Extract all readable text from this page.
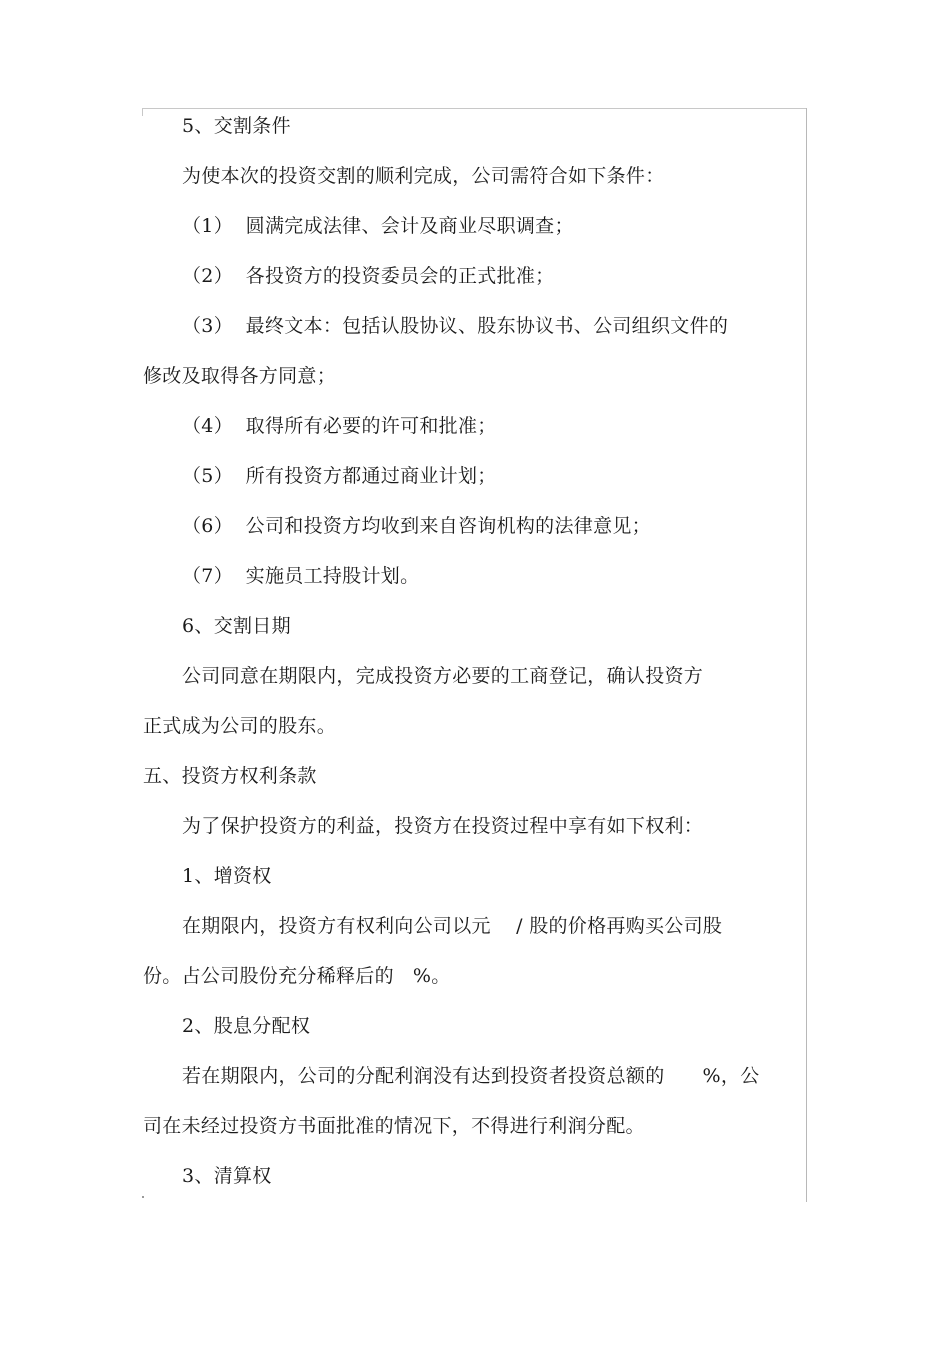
5、交割条件
为使本次的投资交割的顺利完成，公司需符合如下条件：
（1）  圆满完成法律、会计及商业尽职调查；
（2）  各投资方的投资委员会的正式批准；
（3）  最终文本：包括认股协议、股东协议书、公司组织文件的
修改及取得各方同意；
（4）  取得所有必要的许可和批准；
（5）  所有投资方都通过商业计划；
（6）  公司和投资方均收到来自咨询机构的法律意见；
（7）  实施员工持股计划。
6、交割日期
公司同意在期限内，完成投资方必要的工商登记，确认投资方
正式成为公司的股东。
五、投资方权利条款
为了保护投资方的利益，投资方在投资过程中享有如下权利：
1、增资权
在期限内，投资方有权利向公司以元    / 股的价格再购买公司股
份。占公司股份充分稀释后的   %。
2、股息分配权
若在期限内，公司的分配利润没有达到投资者投资总额的      %，公
司在未经过投资方书面批准的情况下，不得进行利润分配。
3、清算权
